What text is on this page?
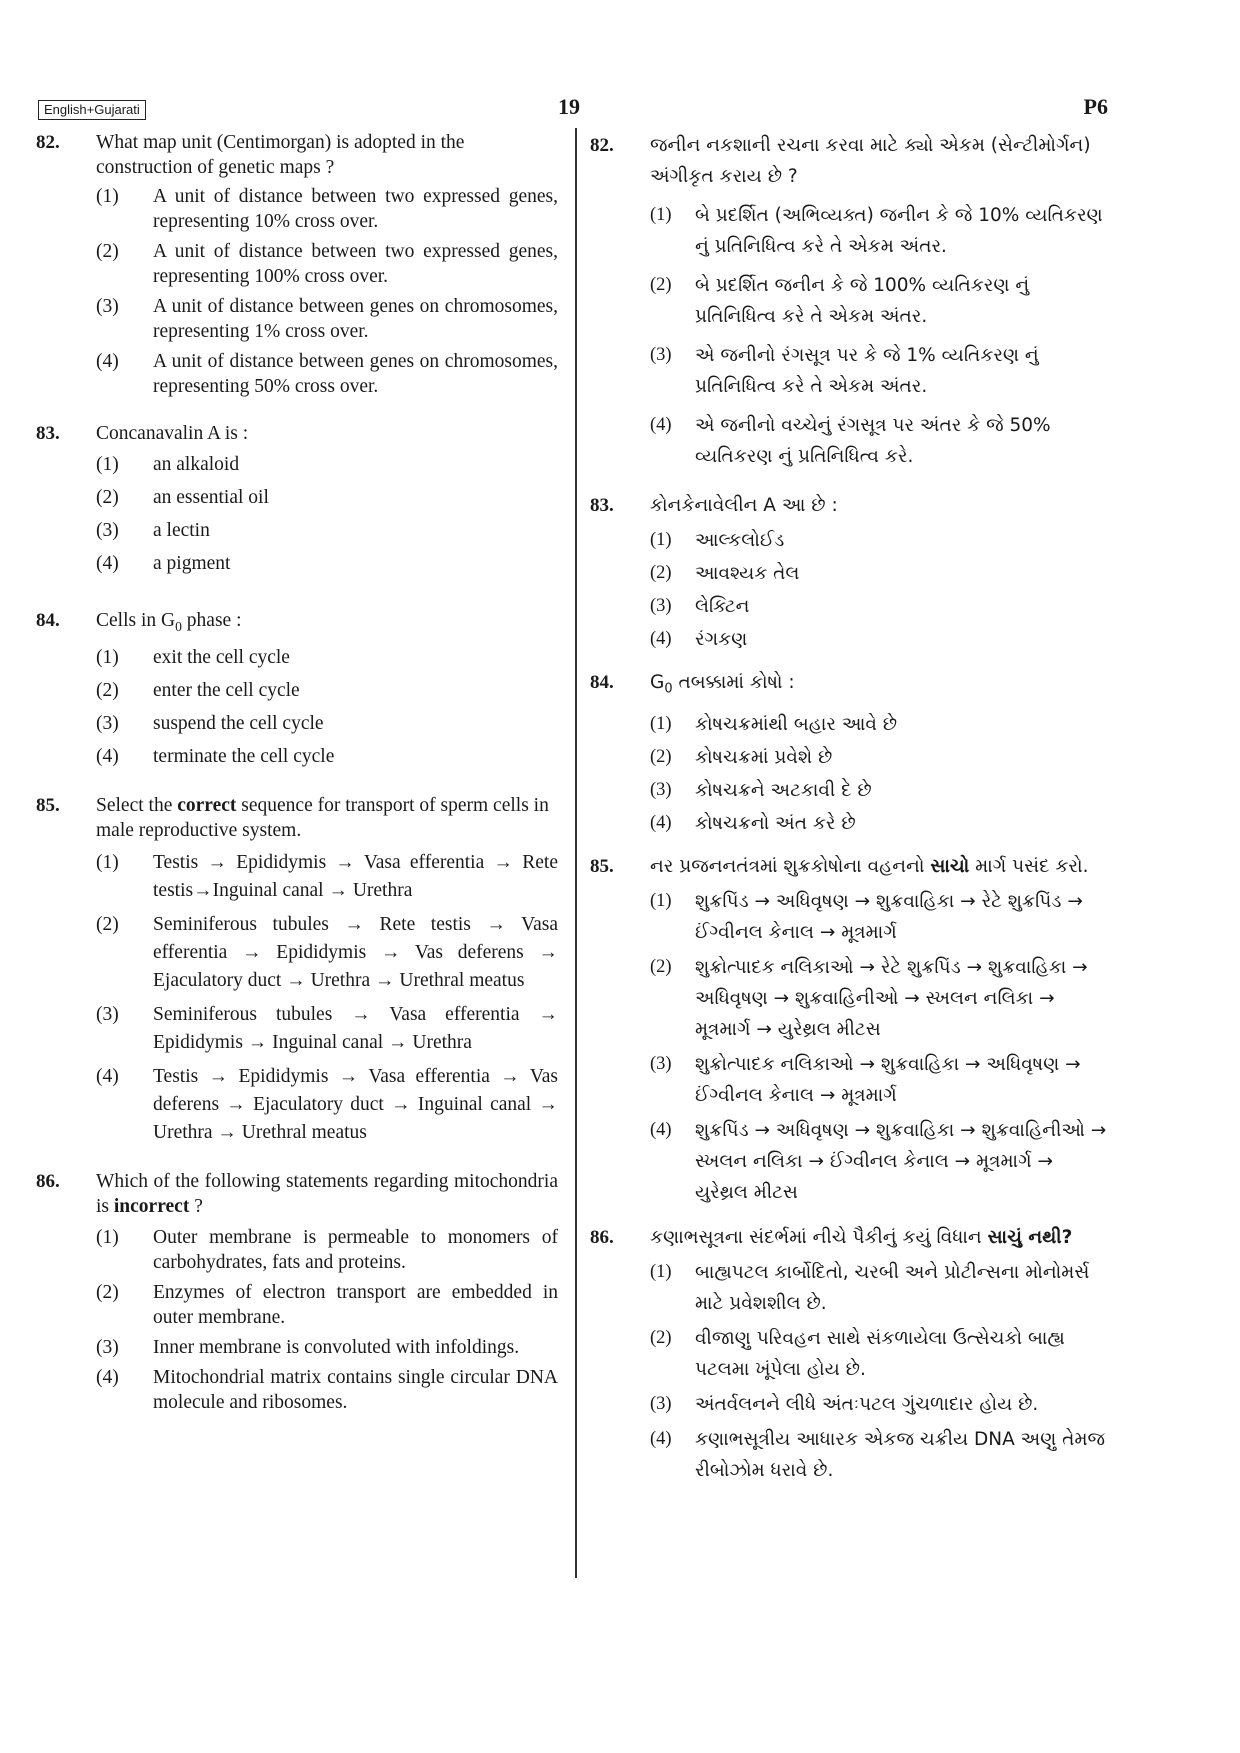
English+Gujarati	19	P6
82. What map unit (Centimorgan) is adopted in the construction of genetic maps ?
(1) A unit of distance between two expressed genes, representing 10% cross over.
(2) A unit of distance between two expressed genes, representing 100% cross over.
(3) A unit of distance between genes on chromosomes, representing 1% cross over.
(4) A unit of distance between genes on chromosomes, representing 50% cross over.
83. Concanavalin A is :
(1) an alkaloid
(2) an essential oil
(3) a lectin
(4) a pigment
84. Cells in $G_0$ phase :
(1) exit the cell cycle
(2) enter the cell cycle
(3) suspend the cell cycle
(4) terminate the cell cycle
85. Select the correct sequence for transport of sperm cells in male reproductive system.
(1) Testis → Epididymis → Vasa efferentia → Rete testis→Inguinal canal → Urethra
(2) Seminiferous tubules → Rete testis → Vasa efferentia → Epididymis → Vas deferens → Ejaculatory duct → Urethra → Urethral meatus
(3) Seminiferous tubules → Vasa efferentia → Epididymis → Inguinal canal → Urethra
(4) Testis → Epididymis → Vasa efferentia → Vas deferens → Ejaculatory duct → Inguinal canal → Urethra → Urethral meatus
86. Which of the following statements regarding mitochondria is incorrect ?
(1) Outer membrane is permeable to monomers of carbohydrates, fats and proteins.
(2) Enzymes of electron transport are embedded in outer membrane.
(3) Inner membrane is convoluted with infoldings.
(4) Mitochondrial matrix contains single circular DNA molecule and ribosomes.
82. જનીન નકશાની રચના કરવા માટે ક્યો એકમ (સેન્ટીમોર્ગન) અંગીકૃત કરાય છે ?
(1) બે પ્રદર્શિત (અભિવ્યક્ત) જનીન કે જે 10% વ્યતિકરણ નું પ્રતિનિધિત્વ કરે તે એકમ અંતર.
(2) બે પ્રદર્શિત જનીન કે જે 100% વ્યતિકરણ નું પ્રતિનિધિત્વ કરે તે એકમ અંતર.
(3) એ જનીનો રંગસૂત્ર પર કે જે 1% વ્યતિકરણ નું પ્રતિનિધિત્વ કરે તે એકમ અંતર.
(4) એ જનીનો વચ્ચેનું રંગસૂત્ર પર અંતર કે જે 50% વ્યતિકરણ નું પ્રતિનિધિત્વ કરે.
83. કોનકેનાવેલીન A આ છે :
(1) આલ્કલોઈડ
(2) આવશ્યક તેલ
(3) લેક્ટિન
(4) રંગકણ
84. $G_0$ તબક્કામાં કોષો :
(1) કોષચક્રમાંથી બહાર આવે છે
(2) કોષચક્રમાં પ્રવેશે છે
(3) કોષચક્રને અટકાવી દે છે
(4) કોષચક્રનો અંત કરે છે
85. નર પ્રજનનતંત્રમાં શુક્રકોષોના વહનનો સાચો માર્ગ પસંદ કરો.
(1) શુક્રપિંડ → અધિવૃષણ → શુક્રવાહિકા → રેટે શુક્રપિંડ → ઈંગ્વીનલ કેનાલ → મૂત્રમાર્ગ
(2) શુક્રોત્પાદક નલિકાઓ → રેટે શુક્રપિંડ → શુક્રવાહિકા → અધિવૃષણ → શુક્રવાહિનીઓ → સ્ખલન નલિકા → મૂત્રમાર્ગ → યુરેથ્રલ મીટસ
(3) શુક્રોત્પાદક નલિકાઓ → શુક્રવાહિકા → અધિવૃષણ → ઈંગ્વીનલ કેનાલ → મૂત્રમાર્ગ
(4) શુક્રપિંડ → અધિવૃષણ → શુક્રવાહિકા → શુક્રવાહિનીઓ → સ્ખલન નલિકા → ઈંગ્વીનલ કેનાલ → મૂત્રમાર્ગ → યુરેથ્રલ મીટસ
86. કણાભસૂત્રના સંદર્ભમાં નીચે પૈકીનું કયું વિધાન સાચું નથી?
(1) બાહ્યપટલ કાર્બોદિતો, ચરબી અને પ્રોટીન્સના મોનોમર્સ માટે પ્રવેશશીલ છે.
(2) વીજાણુ પરિવહન સાથે સંકળાયેલા ઉત્સેચકો બાહ્ય પટલમા ખૂંપેલા હોય છે.
(3) અંતર્વલનને લીધે અંતઃપટલ ગુંચળાદાર હોય છે.
(4) કણાભસૂત્રીય આધારક એકજ ચક્રીય DNA અણુ તેમજ રીબોઝોમ ધરાવે છે.
